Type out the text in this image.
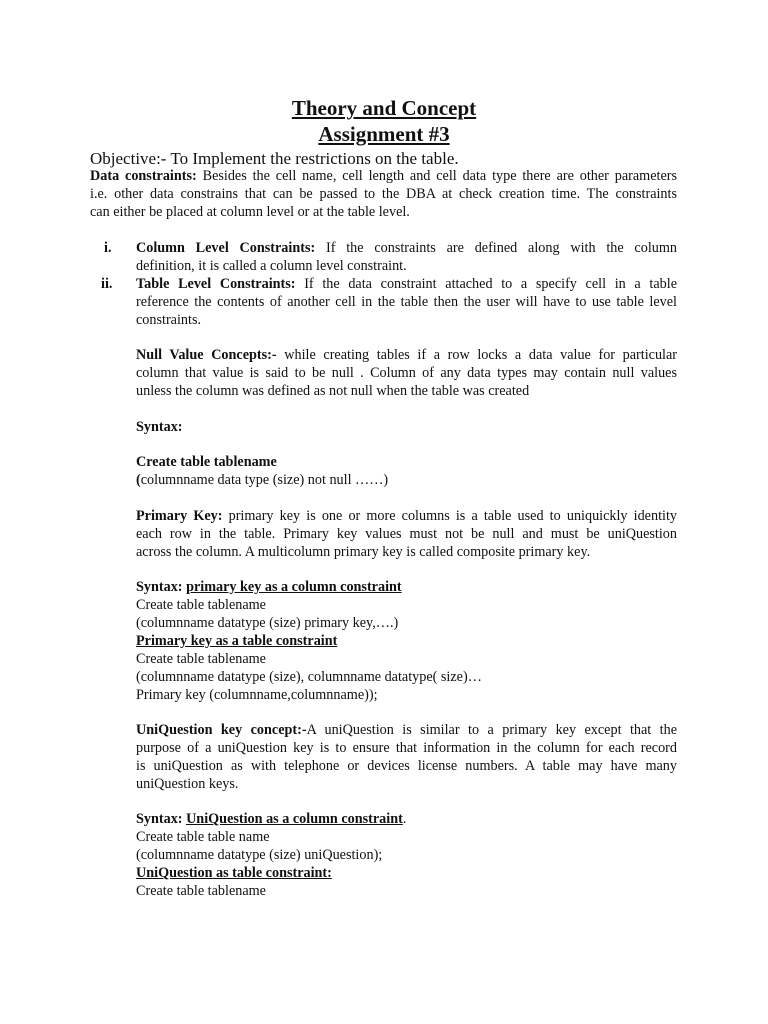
Theory and Concept
Assignment #3
Objective:- To Implement the restrictions on the table.
Data constraints: Besides the cell name, cell length and cell data type there are other parameters
i.e. other data constrains that can be passed to the DBA at check creation time. The constraints
can either be placed at column level or at the table level.
i. Column Level Constraints: If the constraints are defined along with the column
definition, it is called a column level constraint.
ii. Table Level Constraints: If the data constraint attached to a specify cell in a table
reference the contents of another cell in the table then the user will have to use table level
constraints.
Null Value Concepts:- while creating tables if a row locks a data value for particular
column that value is said to be null . Column of any data types may contain null values
unless the column was defined as not null when the table was created
Syntax:
Create table tablename
(columnname data type (size) not null ……)
Primary Key: primary key is one or more columns is a table used to uniquickly identity
each row in the table. Primary key values must not be null and must be uniQuestion
across the column. A multicolumn primary key is called composite primary key.
Syntax: primary key as a column constraint
Create table tablename
(columnname datatype (size) primary key,….)
Primary key as a table constraint
Create table tablename
(columnname datatype (size), columnname datatype( size)…
Primary key (columnname,columnname));
UniQuestion key concept:-A uniQuestion is similar to a primary key except that the
purpose of a uniQuestion key is to ensure that information in the column for each record
is uniQuestion as with telephone or devices license numbers. A table may have many
uniQuestion keys.
Syntax: UniQuestion as a column constraint.
Create table table name
(columnname datatype (size) uniQuestion);
UniQuestion as table constraint:
Create table tablename
